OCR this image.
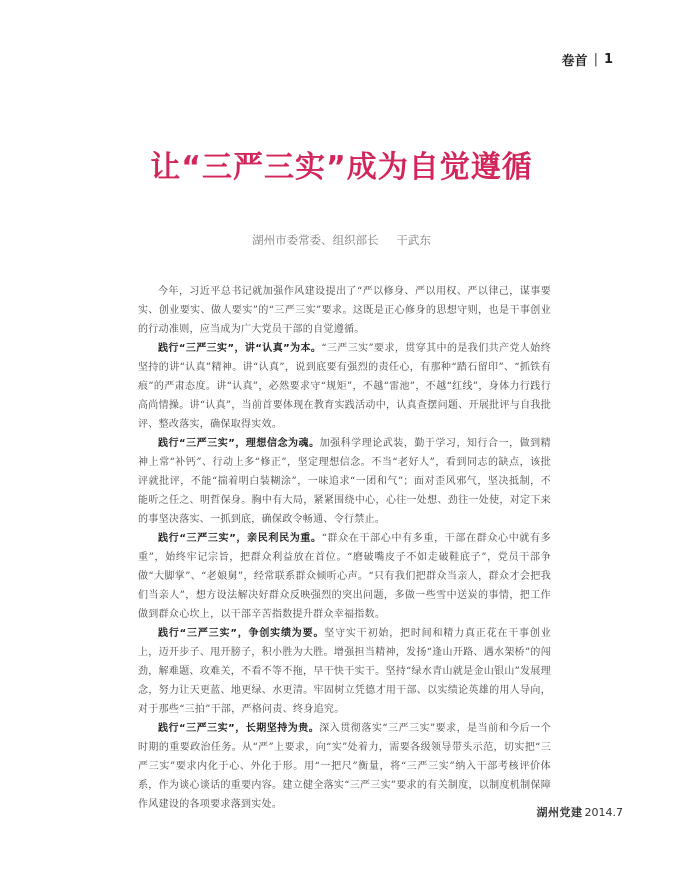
卷首 | 1
让“三严三实”成为自觉遵循
湖州市委常委、组织部长 干武东

今年，习近平总书记就加强作风建设提出了“严以修身、严以用权、严以律己，谋事要实、创业要实、做人要实”的“三严三实”要求。这既是正心修身的思想守则，也是干事创业的行动准则，应当成为广大党员干部的自觉遵循。

践行“三严三实”，讲“认真”为本。“三严三实”要求，贯穿其中的是我们共产党人始终坚持的讲“认真”精神。讲“认真”，说到底要有强烈的责任心，有那种“踏石留印”、“抓铁有痕”的严肃态度。讲“认真”，必然要求守“规矩”，不越“雷池”，不越“红线”，身体力行践行高尚情操。讲“认真”，当前首要体现在教育实践活动中，认真查摆问题、开展批评与自我批评、整改落实，确保取得实效。

践行“三严三实”，理想信念为魂。加强科学理论武装，勤于学习，知行合一，做到精神上常“补钙”、行动上多“修正”，坚定理想信念。不当“老好人”，看到同志的缺点，该批评就批评，不能“揣着明白装糊涂”，一味追求“一团和气”；面对歪风邪气，坚决抵制，不能听之任之、明哲保身。胸中有大局，紧紧围绕中心，心往一处想、劲往一处使，对定下来的事坚决落实、一抓到底，确保政令畅通、令行禁止。

践行“三严三实”，亲民利民为重。“群众在干部心中有多重，干部在群众心中就有多重”，始终牢记宗旨，把群众利益放在首位。“磨破嘴皮子不如走破鞋底子”，党员干部争做“大脚掌”、“老娘舅”，经常联系群众倾听心声。“只有我们把群众当亲人，群众才会把我们当亲人”，想方设法解决好群众反映强烈的突出问题，多做一些雪中送炭的事情，把工作做到群众心坎上，以干部辛苦指数提升群众幸福指数。

践行“三严三实”，争创实绩为要。坚守实干初始，把时间和精力真正花在干事创业上，迈开步子、甩开膀子，积小胜为大胜。增强担当精神，发扬“逢山开路、遇水架桥”的闯劲，解难题、攻难关，不看不等不拖，早干快干实干。坚持“绿水青山就是金山银山”发展理念，努力让天更蓝、地更绿、水更清。牢固树立凭德才用干部、以实绩论英雄的用人导向，对于那些“三拍”干部，严格问责、终身追究。

践行“三严三实”，长期坚持为贵。深入贯彻落实“三严三实”要求，是当前和今后一个时期的重要政治任务。从“严”上要求，向“实”处着力，需要各级领导带头示范，切实把“三严三实”要求内化于心、外化于形。用“一把尺”衡量，将“三严三实”纳入干部考核评价体系，作为谈心谈话的重要内容。建立健全落实“三严三实”要求的有关制度，以制度机制保障作风建设的各项要求落到实处。

湖州党建 2014.7
